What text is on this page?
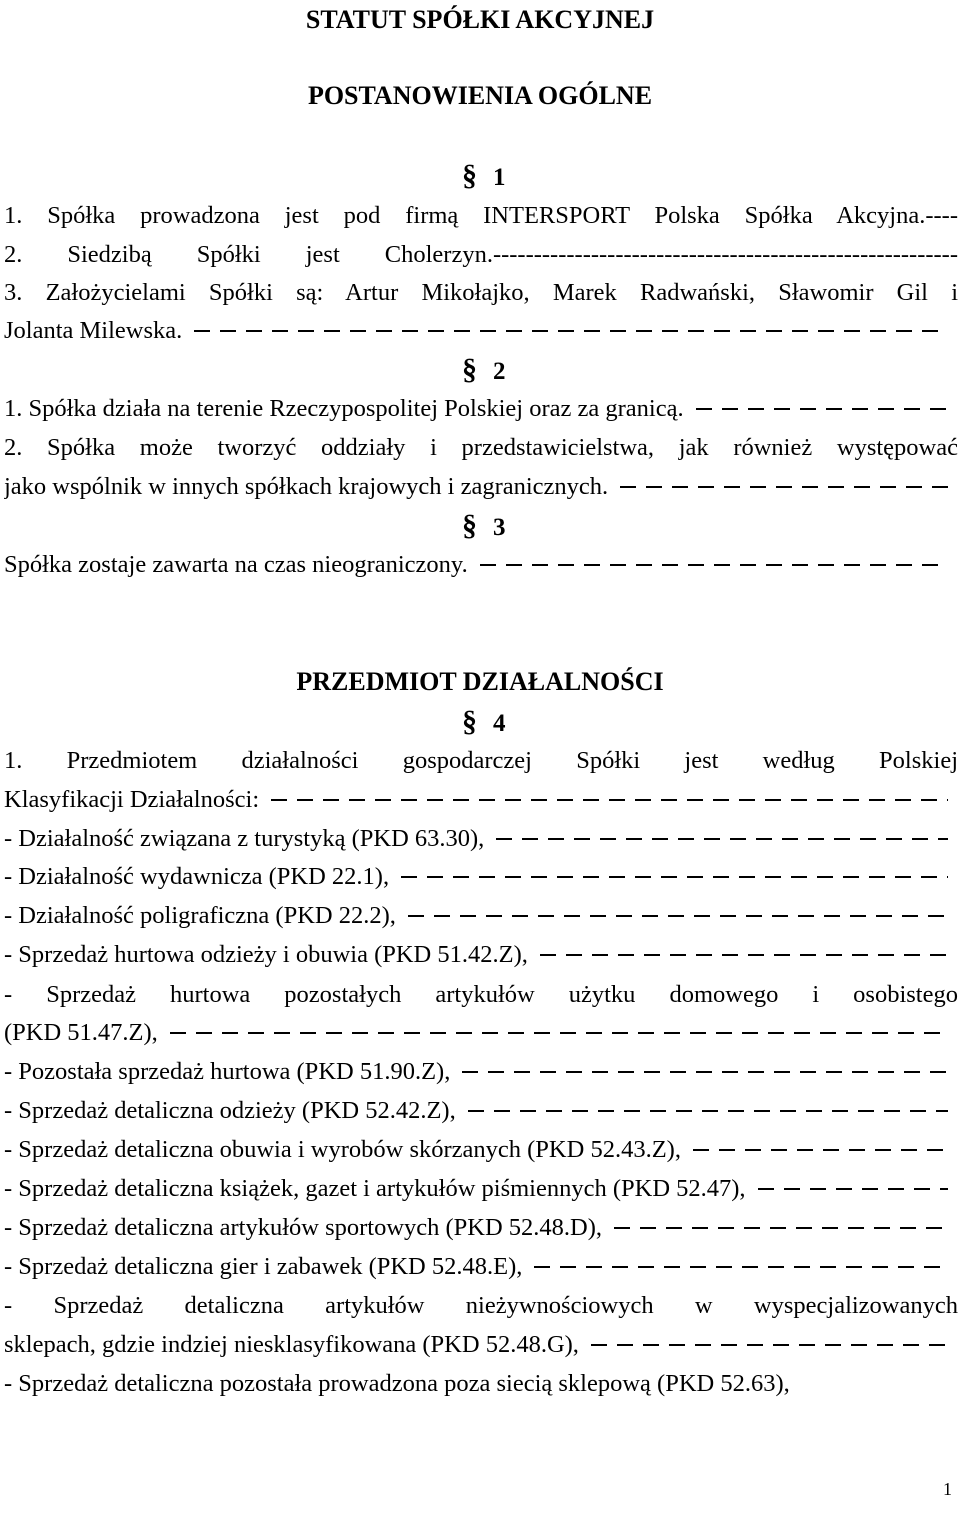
STATUT SPÓŁKI AKCYJNEJ
POSTANOWIENIA OGÓLNE
§ 1
1. Spółka prowadzona jest pod firmą INTERSPORT Polska Spółka Akcyjna.----
2. Siedzibą Spółki jest Cholerzyn.---------------------------------------------------------
3. Założycielami Spółki są: Artur Mikołajko, Marek Radwański, Sławomir Gil i
Jolanta Milewska.
§ 2
1. Spółka działa na terenie Rzeczypospolitej Polskiej oraz za granicą.
2. Spółka może tworzyć oddziały i przedstawicielstwa, jak również występować
jako wspólnik w innych spółkach krajowych i zagranicznych.
§ 3
Spółka zostaje zawarta na czas nieograniczony.
PRZEDMIOT DZIAŁALNOŚCI
§ 4
1. Przedmiotem działalności gospodarczej Spółki jest według Polskiej
Klasyfikacji Działalności:
- Działalność związana z turystyką (PKD 63.30),
- Działalność wydawnicza (PKD 22.1),
- Działalność poligraficzna (PKD 22.2),
- Sprzedaż hurtowa odzieży i obuwia (PKD 51.42.Z),
- Sprzedaż hurtowa pozostałych artykułów użytku domowego i osobistego
(PKD 51.47.Z),
- Pozostała sprzedaż hurtowa (PKD 51.90.Z),
- Sprzedaż detaliczna odzieży (PKD 52.42.Z),
- Sprzedaż detaliczna obuwia i wyrobów skórzanych (PKD 52.43.Z),
- Sprzedaż detaliczna książek, gazet i artykułów piśmiennych (PKD 52.47),
- Sprzedaż detaliczna artykułów sportowych (PKD 52.48.D),
- Sprzedaż detaliczna gier i zabawek (PKD 52.48.E),
- Sprzedaż detaliczna artykułów nieżywnościowych w wyspecjalizowanych
sklepach, gdzie indziej niesklasyfikowana (PKD 52.48.G),
- Sprzedaż detaliczna pozostała prowadzona poza siecią sklepową (PKD 52.63),
1
